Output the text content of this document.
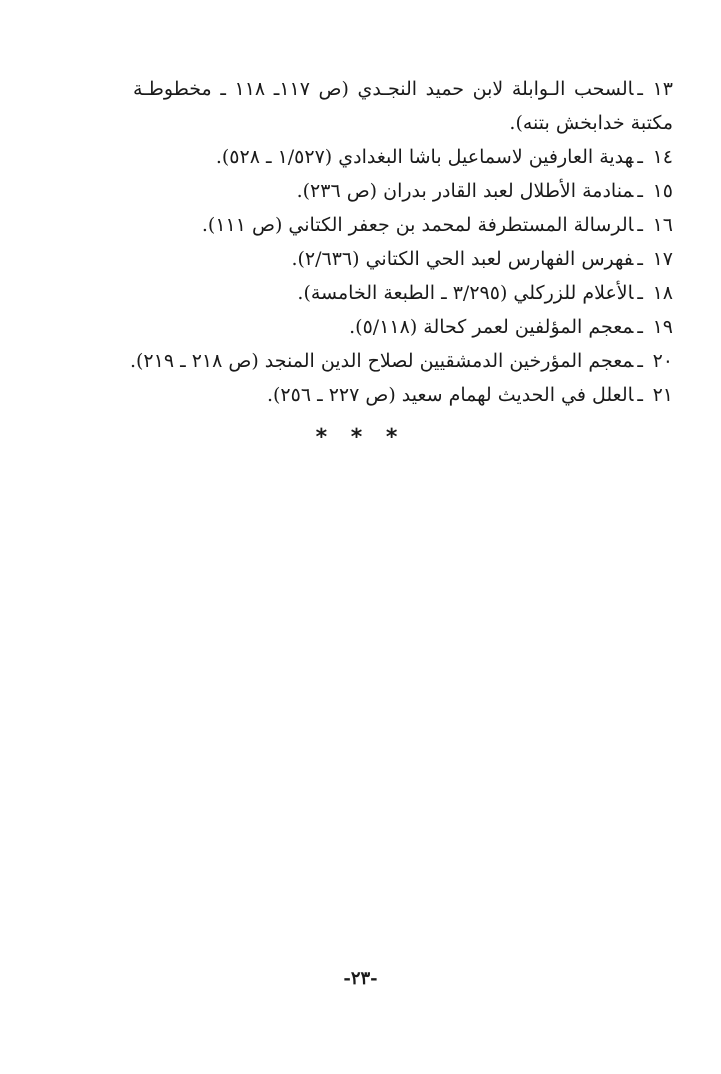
١٣ـالسحب الـوابلة لابن حميد النجـدي (ص ١١٧ـ ١١٨ ـ مخطوطـة مكتبة خدابخش بتنه).
١٤ـهدية العارفين لاسماعيل باشا البغدادي (١/٥٢٧ ـ ٥٢٨).
١٥ـمنادمة الأطلال لعبد القادر بدران (ص ٢٣٦).
١٦ـالرسالة المستطرفة لمحمد بن جعفر الكتاني (ص ١١١).
١٧ـفهرس الفهارس لعبد الحي الكتاني (٢/٦٣٦).
١٨ـالأعلام للزركلي (٣/٢٩٥ ـ الطبعة الخامسة).
١٩ـمعجم المؤلفين لعمر كحالة (٥/١١٨).
٢٠ـمعجم المؤرخين الدمشقيين لصلاح الدين المنجد (ص ٢١٨ ـ ٢١٩).
٢١ـالعلل في الحديث لهمام سعيد (ص ٢٢٧ ـ ٢٥٦).
* * *
-٢٣-
